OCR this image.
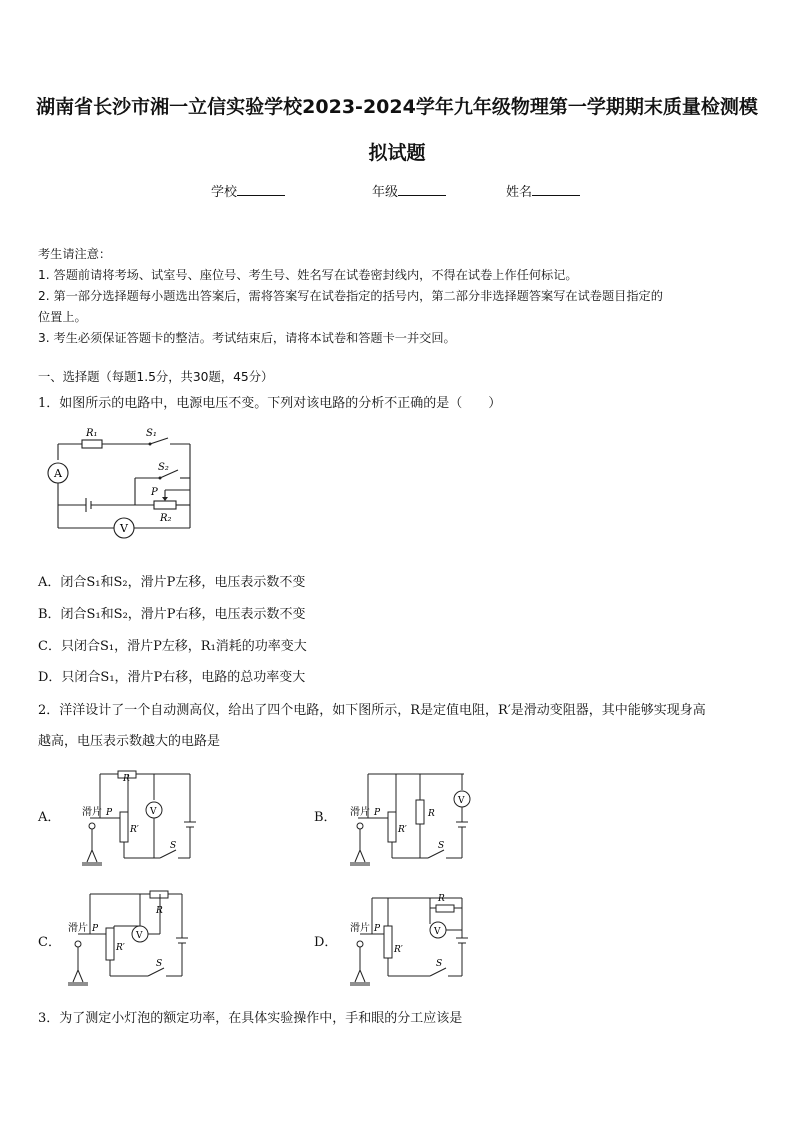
湖南省长沙市湘一立信实验学校2023-2024学年九年级物理第一学期期末质量检测模
拟试题
学校	年级	姓名
考生请注意：
1. 答题前请将考场、试室号、座位号、考生号、姓名写在试卷密封线内，不得在试卷上作任何标记。
2. 第一部分选择题每小题选出答案后，需将答案写在试卷指定的括号内，第二部分非选择题答案写在试卷题目指定的
位置上。
3. 考生必须保证答题卡的整洁。考试结束后，请将本试卷和答题卡一并交回。
一、选择题（每题1.5分，共30题，45分）
1．如图所示的电路中，电源电压不变。下列对该电路的分析不正确的是（　　）
R₁	S₁
S₂
P
R₂
A
V
A．闭合S₁和S₂，滑片P左移，电压表示数不变
B．闭合S₁和S₂，滑片P右移，电压表示数不变
C．只闭合S₁，滑片P左移，R₁消耗的功率变大
D．只闭合S₁，滑片P右移，电路的总功率变大
2．洋洋设计了一个自动测高仪，给出了四个电路，如下图所示，R是定值电阻，R′是滑动变阻器，其中能够实现身高
越高，电压表示数越大的电路是
A．	B．
C．	D．
滑片 P
R
R′
V
S
滑片 P	R
R′
V
S
滑片 P
R
R′
V
S
滑片 P
R
R′
V
S
3．为了测定小灯泡的额定功率，在具体实验操作中，手和眼的分工应该是
